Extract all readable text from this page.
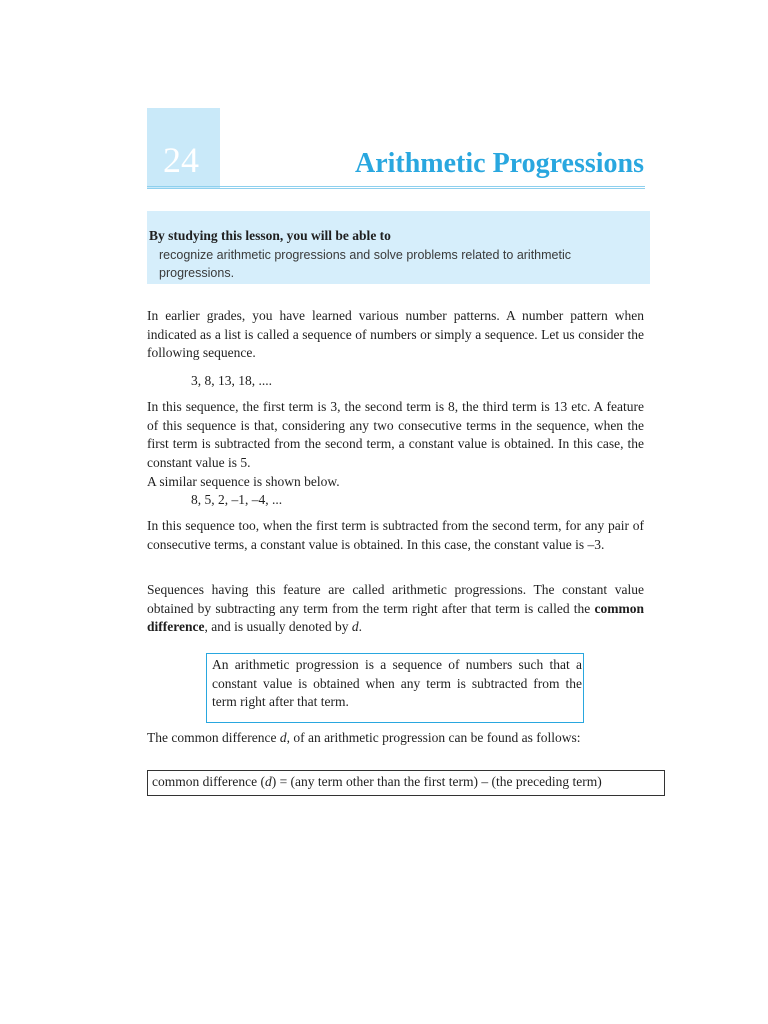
24	Arithmetic Progressions
By studying this lesson, you will be able to
recognize arithmetic progressions and solve problems related to arithmetic progressions.
In earlier grades, you have learned various number patterns. A number pattern when indicated as a list is called a sequence of numbers or simply a sequence. Let us consider the following sequence.
3, 8, 13, 18, ....
In this sequence, the first term is 3, the second term is 8, the third term is 13 etc. A feature of this sequence is that, considering any two consecutive terms in the sequence, when the first term is subtracted from the second term, a constant value is obtained. In this case, the constant value is 5.
A similar sequence is shown below.
8, 5, 2, –1, –4, ...
In this sequence too, when the first term is subtracted from the second term, for any pair of consecutive terms, a constant value is obtained. In this case, the constant value is –3.
Sequences having this feature are called arithmetic progressions. The constant value obtained by subtracting any term from the term right after that term is called the common difference, and is usually denoted by d.
An arithmetic progression is a sequence of numbers such that a constant value is obtained when any term is subtracted from the term right after that term.
The common difference d, of an arithmetic progression can be found as follows:
common difference (d) = (any term other than the first term) – (the preceding term)
